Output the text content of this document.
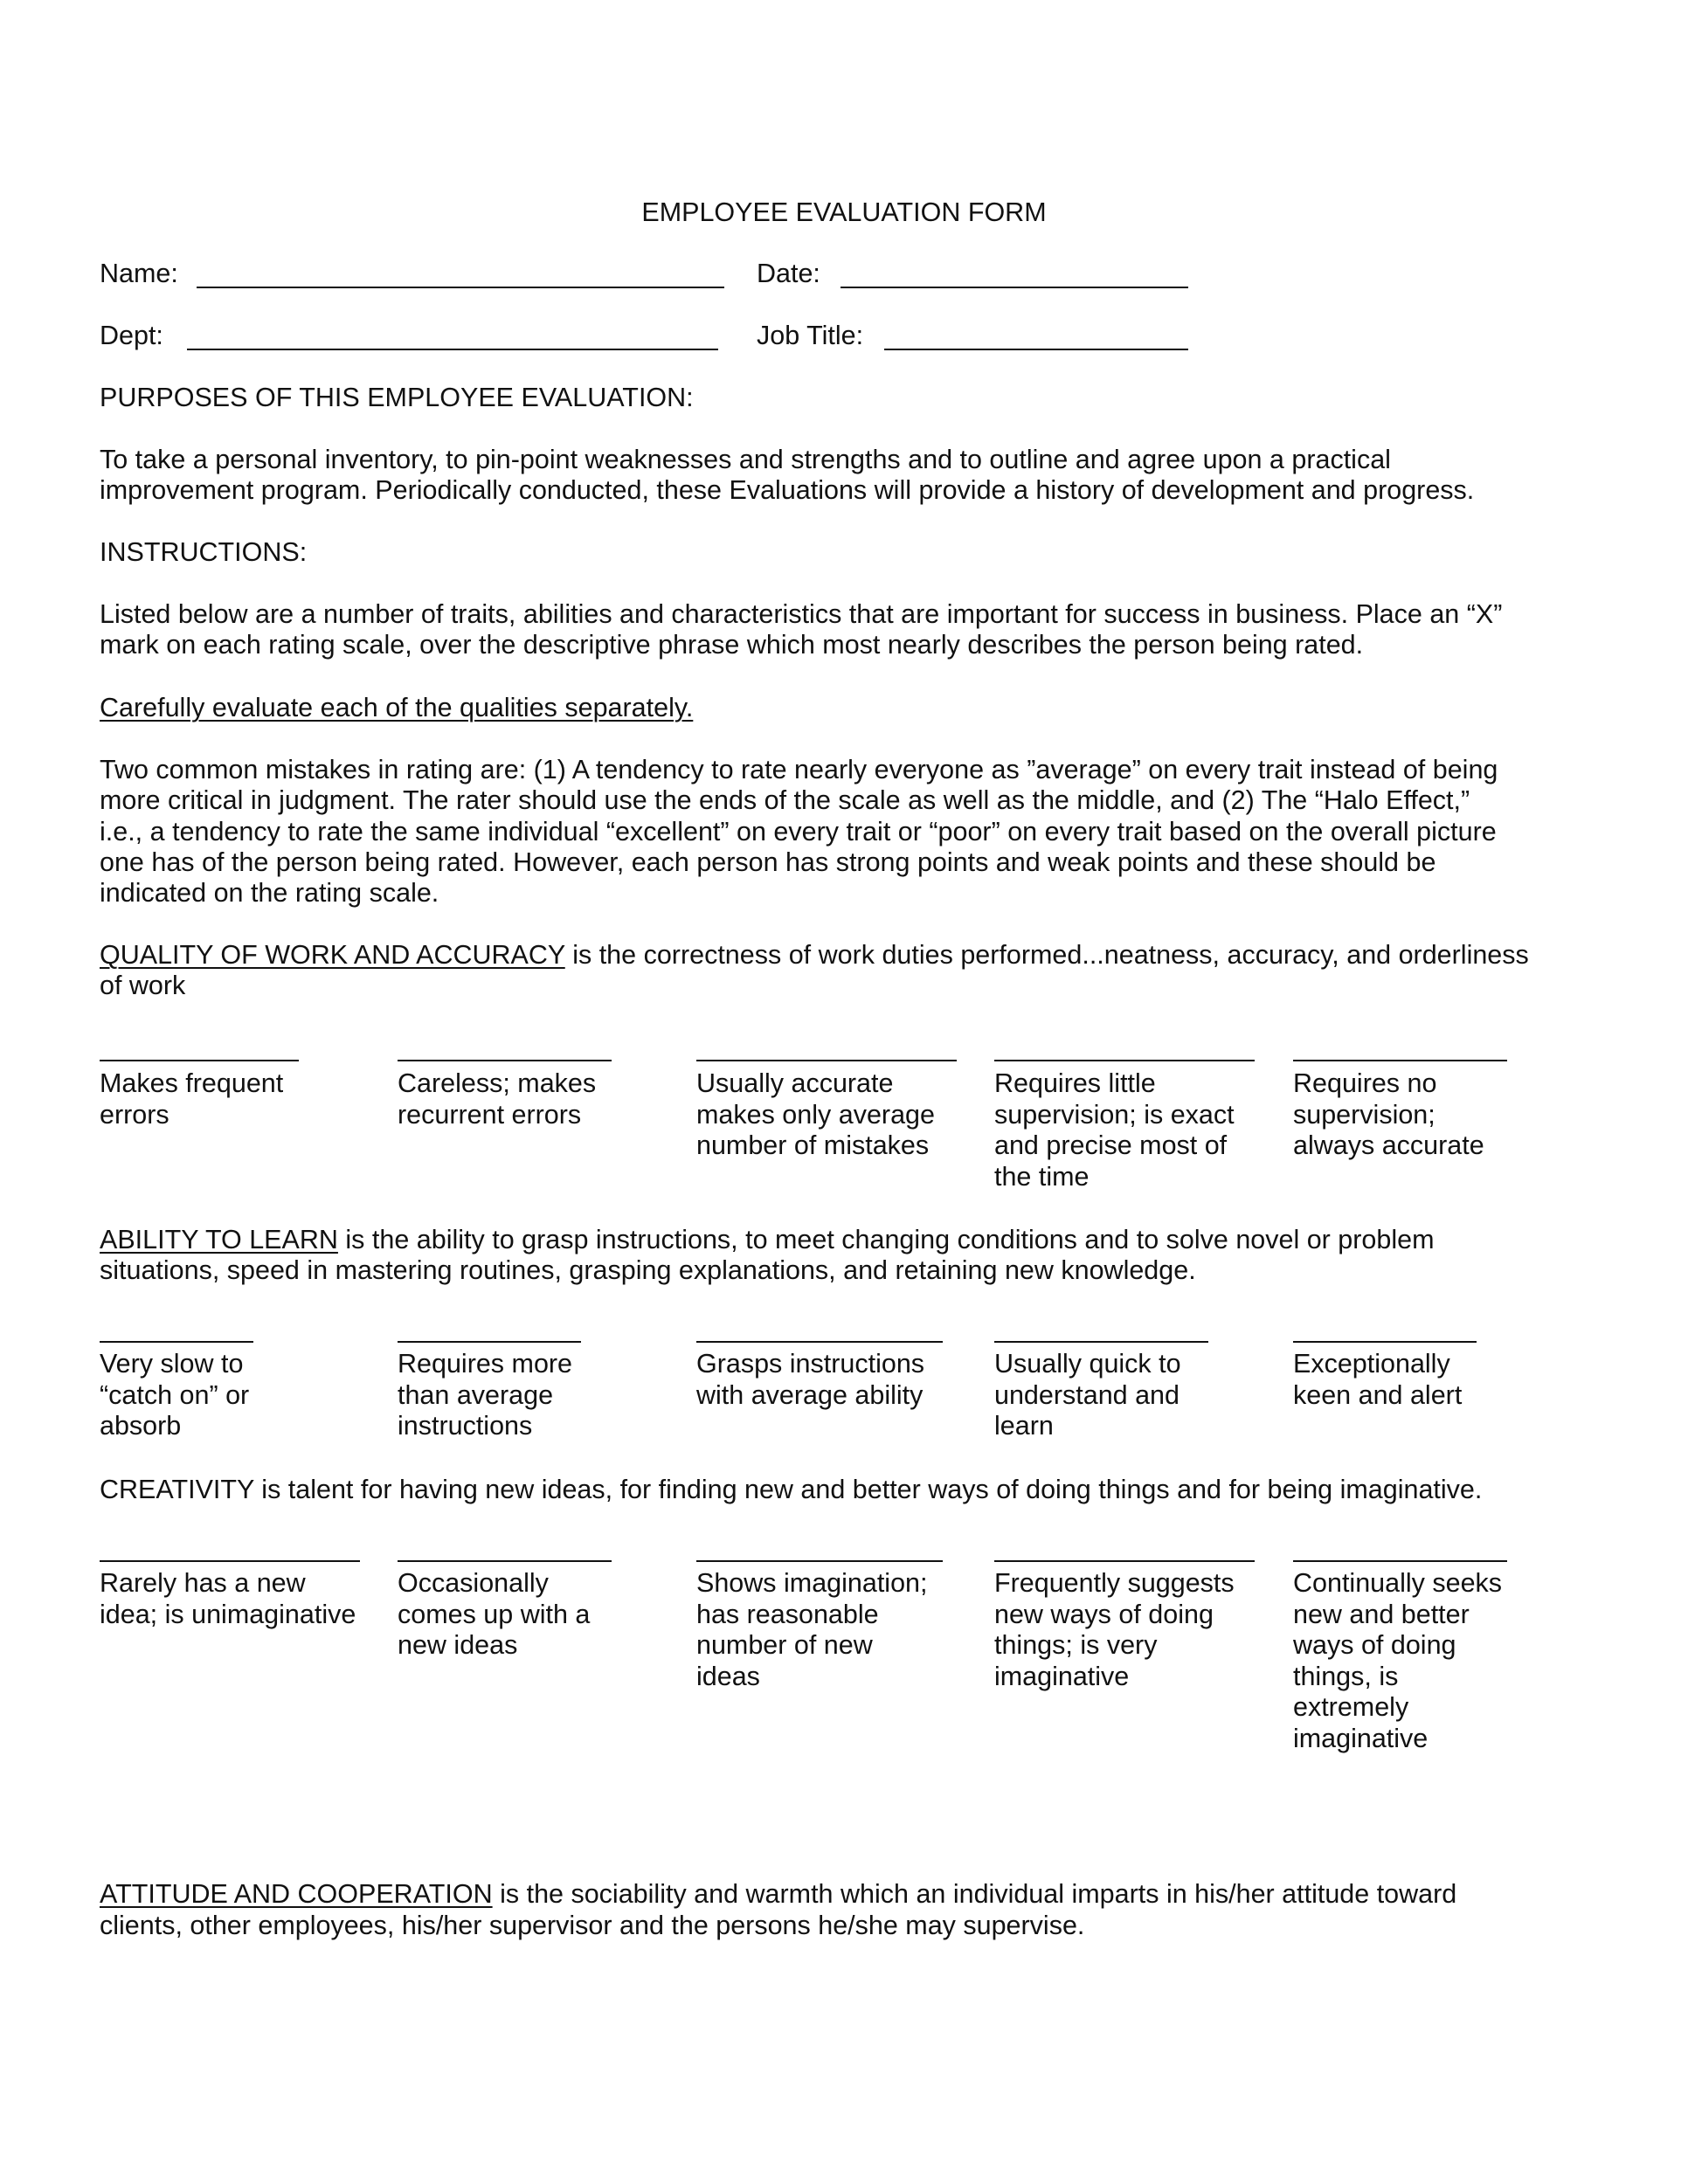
EMPLOYEE EVALUATION FORM
Name:	Date:
Dept:	Job Title:
PURPOSES OF THIS EMPLOYEE EVALUATION:
To take a personal inventory, to pin-point weaknesses and strengths and to outline and agree upon a practical
improvement program. Periodically conducted, these Evaluations will provide a history of development and progress.
INSTRUCTIONS:
Listed below are a number of traits, abilities and characteristics that are important for success in business. Place an “X”
mark on each rating scale, over the descriptive phrase which most nearly describes the person being rated.
Carefully evaluate each of the qualities separately.
Two common mistakes in rating are: (1) A tendency to rate nearly everyone as ”average” on every trait instead of being
more critical in judgment. The rater should use the ends of the scale as well as the middle, and (2) The “Halo Effect,”
i.e., a tendency to rate the same individual “excellent” on every trait or “poor” on every trait based on the overall picture
one has of the person being rated. However, each person has strong points and weak points and these should be
indicated on the rating scale.
QUALITY OF WORK AND ACCURACY is the correctness of work duties performed...neatness, accuracy, and orderliness
of work
Makes frequent
errors
Careless; makes
recurrent errors
Usually accurate
makes only average
number of mistakes
Requires little
supervision; is exact
and precise most of
the time
Requires no
supervision;
always accurate
ABILITY TO LEARN is the ability to grasp instructions, to meet changing conditions and to solve novel or problem
situations, speed in mastering routines, grasping explanations, and retaining new knowledge.
Very slow to
“catch on” or
absorb
Requires more
than average
instructions
Grasps instructions
with average ability
Usually quick to
understand and
learn
Exceptionally
keen and alert
CREATIVITY is talent for having new ideas, for finding new and better ways of doing things and for being imaginative.
Rarely has a new
idea; is unimaginative
Occasionally
comes up with a
new ideas
Shows imagination;
has reasonable
number of new
ideas
Frequently suggests
new ways of doing
things; is very
imaginative
Continually seeks
new and better
ways of doing
things, is
extremely
imaginative
ATTITUDE AND COOPERATION is the sociability and warmth which an individual imparts in his/her attitude toward
clients, other employees, his/her supervisor and the persons he/she may supervise.
